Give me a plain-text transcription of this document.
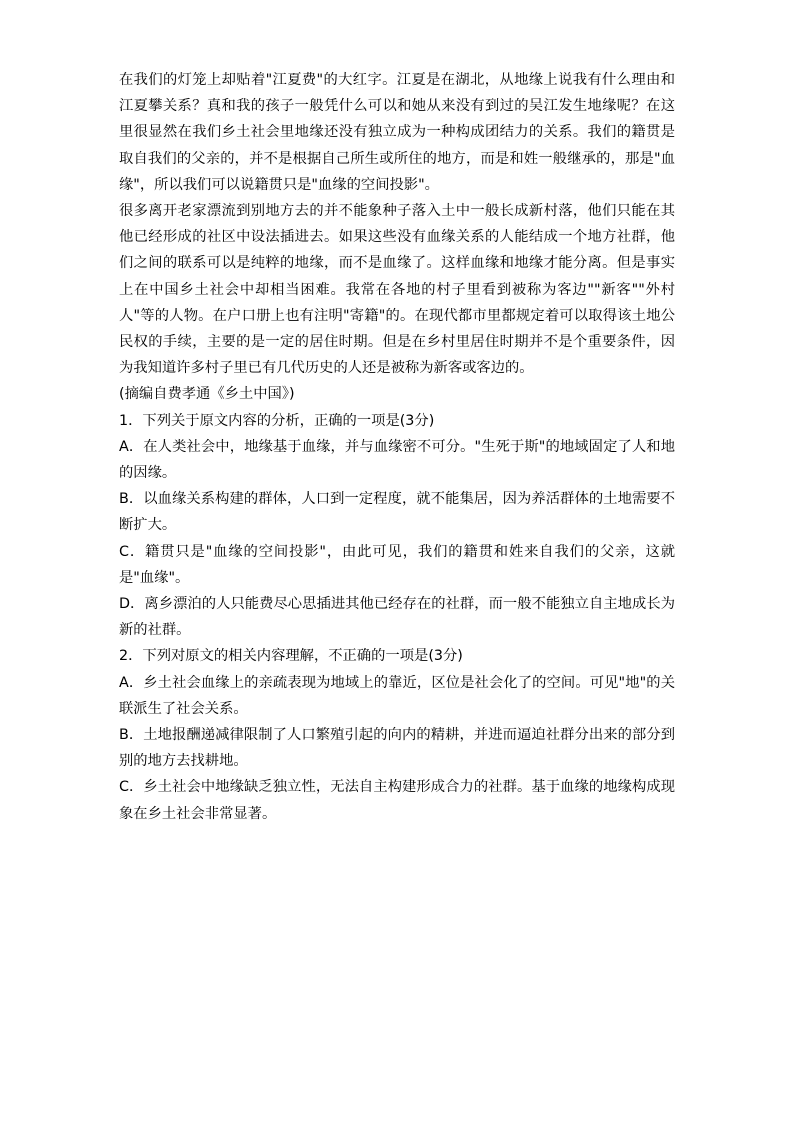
在我们的灯笼上却贴着"江夏费"的大红字。江夏是在湖北，从地缘上说我有什么理由和江夏攀关系？真和我的孩子一般凭什么可以和她从来没有到过的吴江发生地缘呢？在这里很显然在我们乡土社会里地缘还没有独立成为一种构成团结力的关系。我们的籍贯是取自我们的父亲的，并不是根据自己所生或所住的地方，而是和姓一般继承的，那是"血缘"，所以我们可以说籍贯只是"血缘的空间投影"。

很多离开老家漂流到别地方去的并不能象种子落入土中一般长成新村落，他们只能在其他已经形成的社区中设法插进去。如果这些没有血缘关系的人能结成一个地方社群，他们之间的联系可以是纯粹的地缘，而不是血缘了。这样血缘和地缘才能分离。但是事实上在中国乡土社会中却相当困难。我常在各地的村子里看到被称为客边""新客""外村人"等的人物。在户口册上也有注明"寄籍"的。在现代都市里都规定着可以取得该土地公民权的手续，主要的是一定的居住时期。但是在乡村里居住时期并不是个重要条件，因为我知道许多村子里已有几代历史的人还是被称为新客或客边的。

(摘编自费孝通《乡土中国》)

1．下列关于原文内容的分析，正确的一项是(3分)

A．在人类社会中，地缘基于血缘，并与血缘密不可分。"生死于斯"的地域固定了人和地的因缘。

B．以血缘关系构建的群体，人口到一定程度，就不能集居，因为养活群体的土地需要不断扩大。

C．籍贯只是"血缘的空间投影"，由此可见，我们的籍贯和姓来自我们的父亲，这就是"血缘"。

D．离乡漂泊的人只能费尽心思插进其他已经存在的社群，而一般不能独立自主地成长为新的社群。

2．下列对原文的相关内容理解，不正确的一项是(3分)

A．乡土社会血缘上的亲疏表现为地域上的靠近，区位是社会化了的空间。可见"地"的关联派生了社会关系。

B．土地报酬递减律限制了人口繁殖引起的向内的精耕，并进而逼迫社群分出来的部分到别的地方去找耕地。

C．乡土社会中地缘缺乏独立性，无法自主构建形成合力的社群。基于血缘的地缘构成现象在乡土社会非常显著。
